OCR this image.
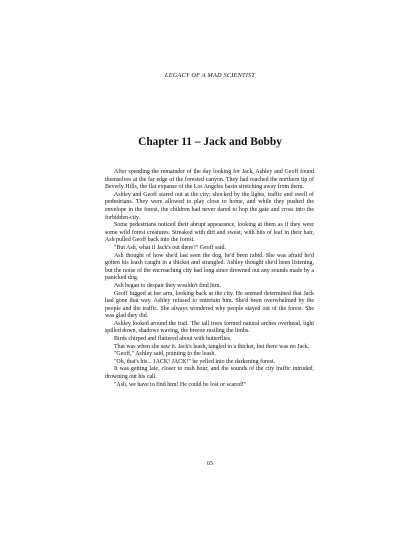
LEGACY OF A MAD SCIENTIST
Chapter 11 – Jack and Bobby

After spending the remainder of the day looking for Jack, Ashley and Geoff found themselves at the far edge of the forested canyon. They had reached the northern tip of Beverly Hills, the flat expanse of the Los Angeles basin stretching away from them.

Ashley and Geoff stared out at the city; shocked by the lights, traffic and swell of pedestrians. They were allowed to play close to home, and while they pushed the envelope in the forest, the children had never dared to hop the gate and cross into the forbidden-city.

Some pedestrians noticed their abrupt appearance, looking at them as if they were some wild forest creatures. Streaked with dirt and sweat, with bits of leaf in their hair, Ash pulled Geoff back into the forest.

"But Ash, what if Jack's out there?" Geoff said.

Ash thought of how she'd last seen the dog, he'd been rabid. She was afraid he'd gotten his leash caught in a thicket and strangled. Ashley thought she'd been listening, but the noise of the encroaching city had long since drowned out any sounds made by a panicked dog.

Ash began to despair they wouldn't find him.

Geoff tugged at her arm, looking back at the city. He seemed determined that Jack had gone that way. Ashley refused to entertain him. She'd been overwhelmed by the people and the traffic. She always wondered why people stayed out of the forest. She was glad they did.

Ashley looked around the trail. The tall trees formed natural arches overhead, light spilled down, shadows waving, the breeze rustling the limbs.

Birds chirped and fluttered about with butterflies.

That was when she saw it. Jack's leash, tangled in a thicket, but there was no Jack.

"Geoff," Ashley said, pointing to the leash.

"Oh, that's his... JACK! JACK!" he yelled into the darkening forest.

It was getting late, closer to rush hour, and the sounds of the city traffic intruded, drowning out his call.

"Ash, we have to find him! He could be lost or scared!"

65
